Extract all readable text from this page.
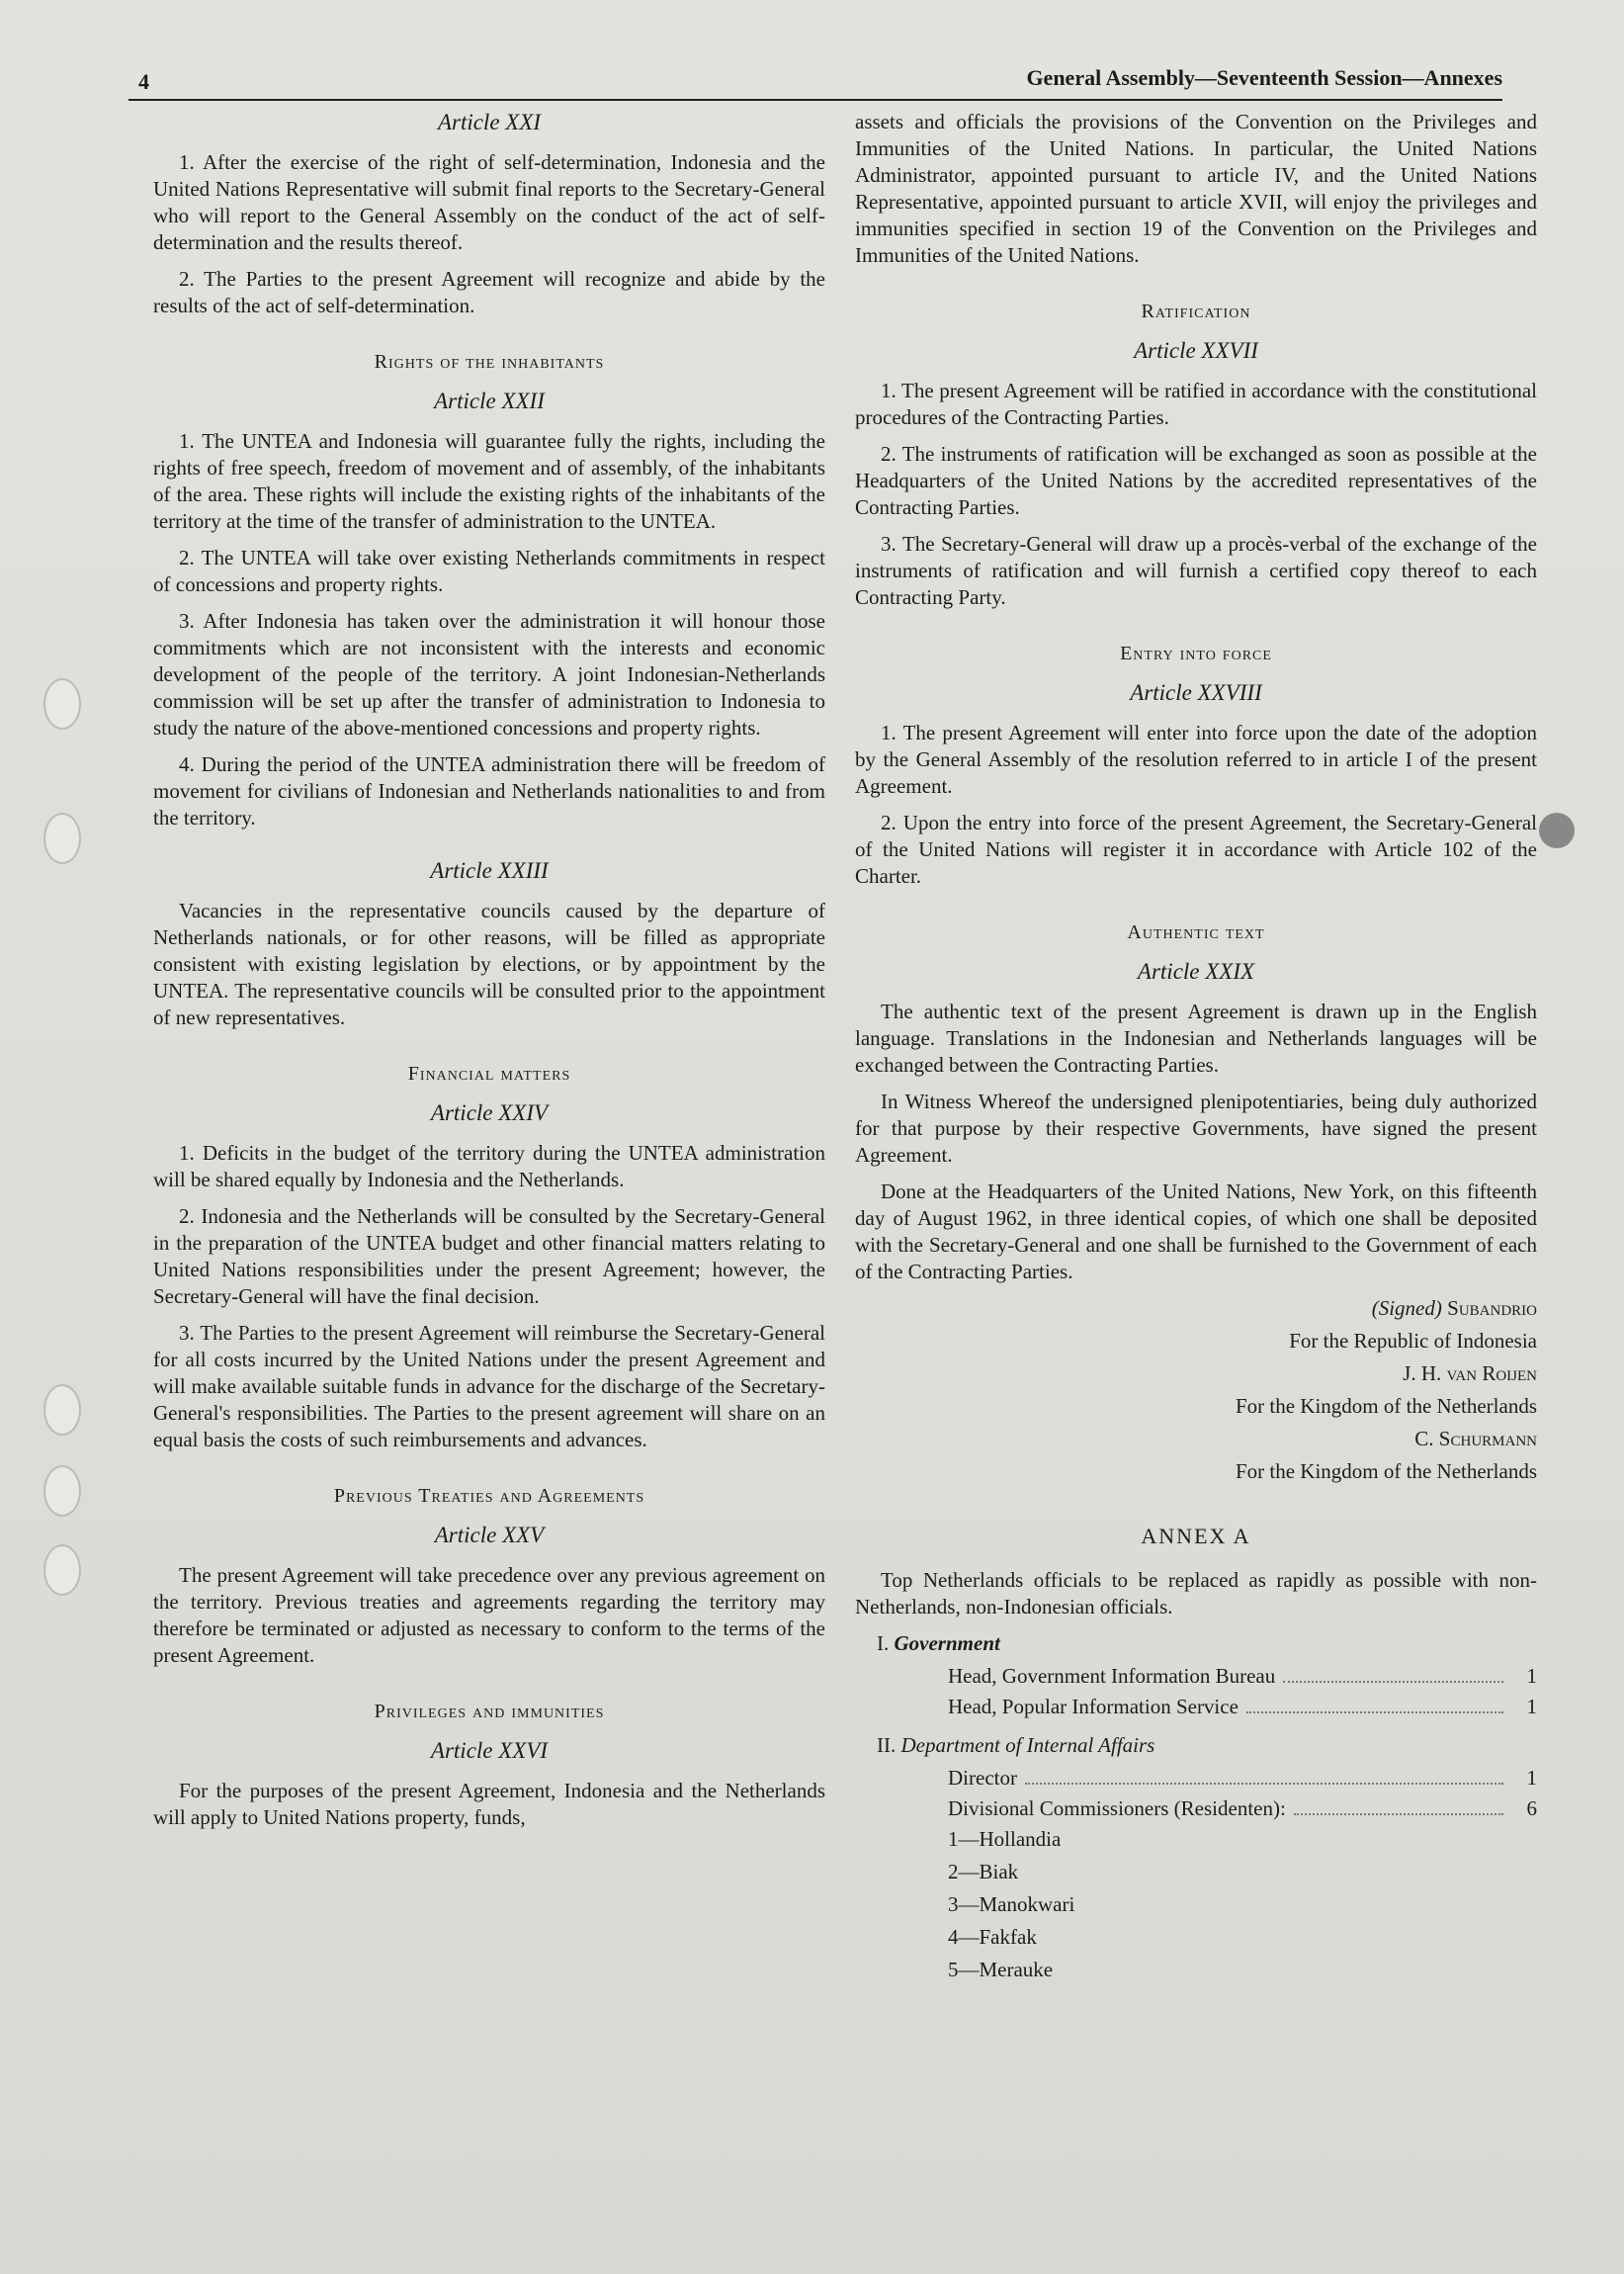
4	General Assembly—Seventeenth Session—Annexes
Article XXI

1. After the exercise of the right of self-determination, Indonesia and the United Nations Representative will submit final reports to the Secretary-General who will report to the General Assembly on the conduct of the act of self-determination and the results thereof.

2. The Parties to the present Agreement will recognize and abide by the results of the act of self-determination.

Rights of the inhabitants
Article XXII

1. The UNTEA and Indonesia will guarantee fully the rights, including the rights of free speech, freedom of movement and of assembly, of the inhabitants of the area. These rights will include the existing rights of the inhabitants of the territory at the time of the transfer of administration to the UNTEA.

2. The UNTEA will take over existing Netherlands commitments in respect of concessions and property rights.

3. After Indonesia has taken over the administration it will honour those commitments which are not inconsistent with the interests and economic development of the people of the territory. A joint Indonesian-Netherlands commission will be set up after the transfer of administration to Indonesia to study the nature of the above-mentioned concessions and property rights.

4. During the period of the UNTEA administration there will be freedom of movement for civilians of Indonesian and Netherlands nationalities to and from the territory.

Article XXIII

Vacancies in the representative councils caused by the departure of Netherlands nationals, or for other reasons, will be filled as appropriate consistent with existing legislation by elections, or by appointment by the UNTEA. The representative councils will be consulted prior to the appointment of new representatives.

Financial matters
Article XXIV

1. Deficits in the budget of the territory during the UNTEA administration will be shared equally by Indonesia and the Netherlands.

2. Indonesia and the Netherlands will be consulted by the Secretary-General in the preparation of the UNTEA budget and other financial matters relating to United Nations responsibilities under the present Agreement; however, the Secretary-General will have the final decision.

3. The Parties to the present Agreement will reimburse the Secretary-General for all costs incurred by the United Nations under the present Agreement and will make available suitable funds in advance for the discharge of the Secretary-General's responsibilities. The Parties to the present agreement will share on an equal basis the costs of such reimbursements and advances.

Previous Treaties and Agreements
Article XXV

The present Agreement will take precedence over any previous agreement on the territory. Previous treaties and agreements regarding the territory may therefore be terminated or adjusted as necessary to conform to the terms of the present Agreement.

Privileges and immunities
Article XXVI

For the purposes of the present Agreement, Indonesia and the Netherlands will apply to United Nations property, funds,

assets and officials the provisions of the Convention on the Privileges and Immunities of the United Nations. In particular, the United Nations Administrator, appointed pursuant to article IV, and the United Nations Representative, appointed pursuant to article XVII, will enjoy the privileges and immunities specified in section 19 of the Convention on the Privileges and Immunities of the United Nations.

Ratification
Article XXVII

1. The present Agreement will be ratified in accordance with the constitutional procedures of the Contracting Parties.

2. The instruments of ratification will be exchanged as soon as possible at the Headquarters of the United Nations by the accredited representatives of the Contracting Parties.

3. The Secretary-General will draw up a procès-verbal of the exchange of the instruments of ratification and will furnish a certified copy thereof to each Contracting Party.

Entry into force
Article XXVIII

1. The present Agreement will enter into force upon the date of the adoption by the General Assembly of the resolution referred to in article I of the present Agreement.

2. Upon the entry into force of the present Agreement, the Secretary-General of the United Nations will register it in accordance with Article 102 of the Charter.

Authentic text
Article XXIX

The authentic text of the present Agreement is drawn up in the English language. Translations in the Indonesian and Netherlands languages will be exchanged between the Contracting Parties.

In Witness Whereof the undersigned plenipotentiaries, being duly authorized for that purpose by their respective Governments, have signed the present Agreement.

Done at the Headquarters of the United Nations, New York, on this fifteenth day of August 1962, in three identical copies, of which one shall be deposited with the Secretary-General and one shall be furnished to the Government of each of the Contracting Parties.

(Signed) Subandrio
For the Republic of Indonesia
J. H. van Roijen
For the Kingdom of the Netherlands
C. Schurmann
For the Kingdom of the Netherlands
ANNEX A

Top Netherlands officials to be replaced as rapidly as possible with non-Netherlands, non-Indonesian officials.

I. Government
Head, Government Information Bureau	1
Head, Popular Information Service	1
II. Department of Internal Affairs
Director	1
Divisional Commissioners (Residenten):	6
1—Hollandia
2—Biak
3—Manokwari
4—Fakfak
5—Merauke
